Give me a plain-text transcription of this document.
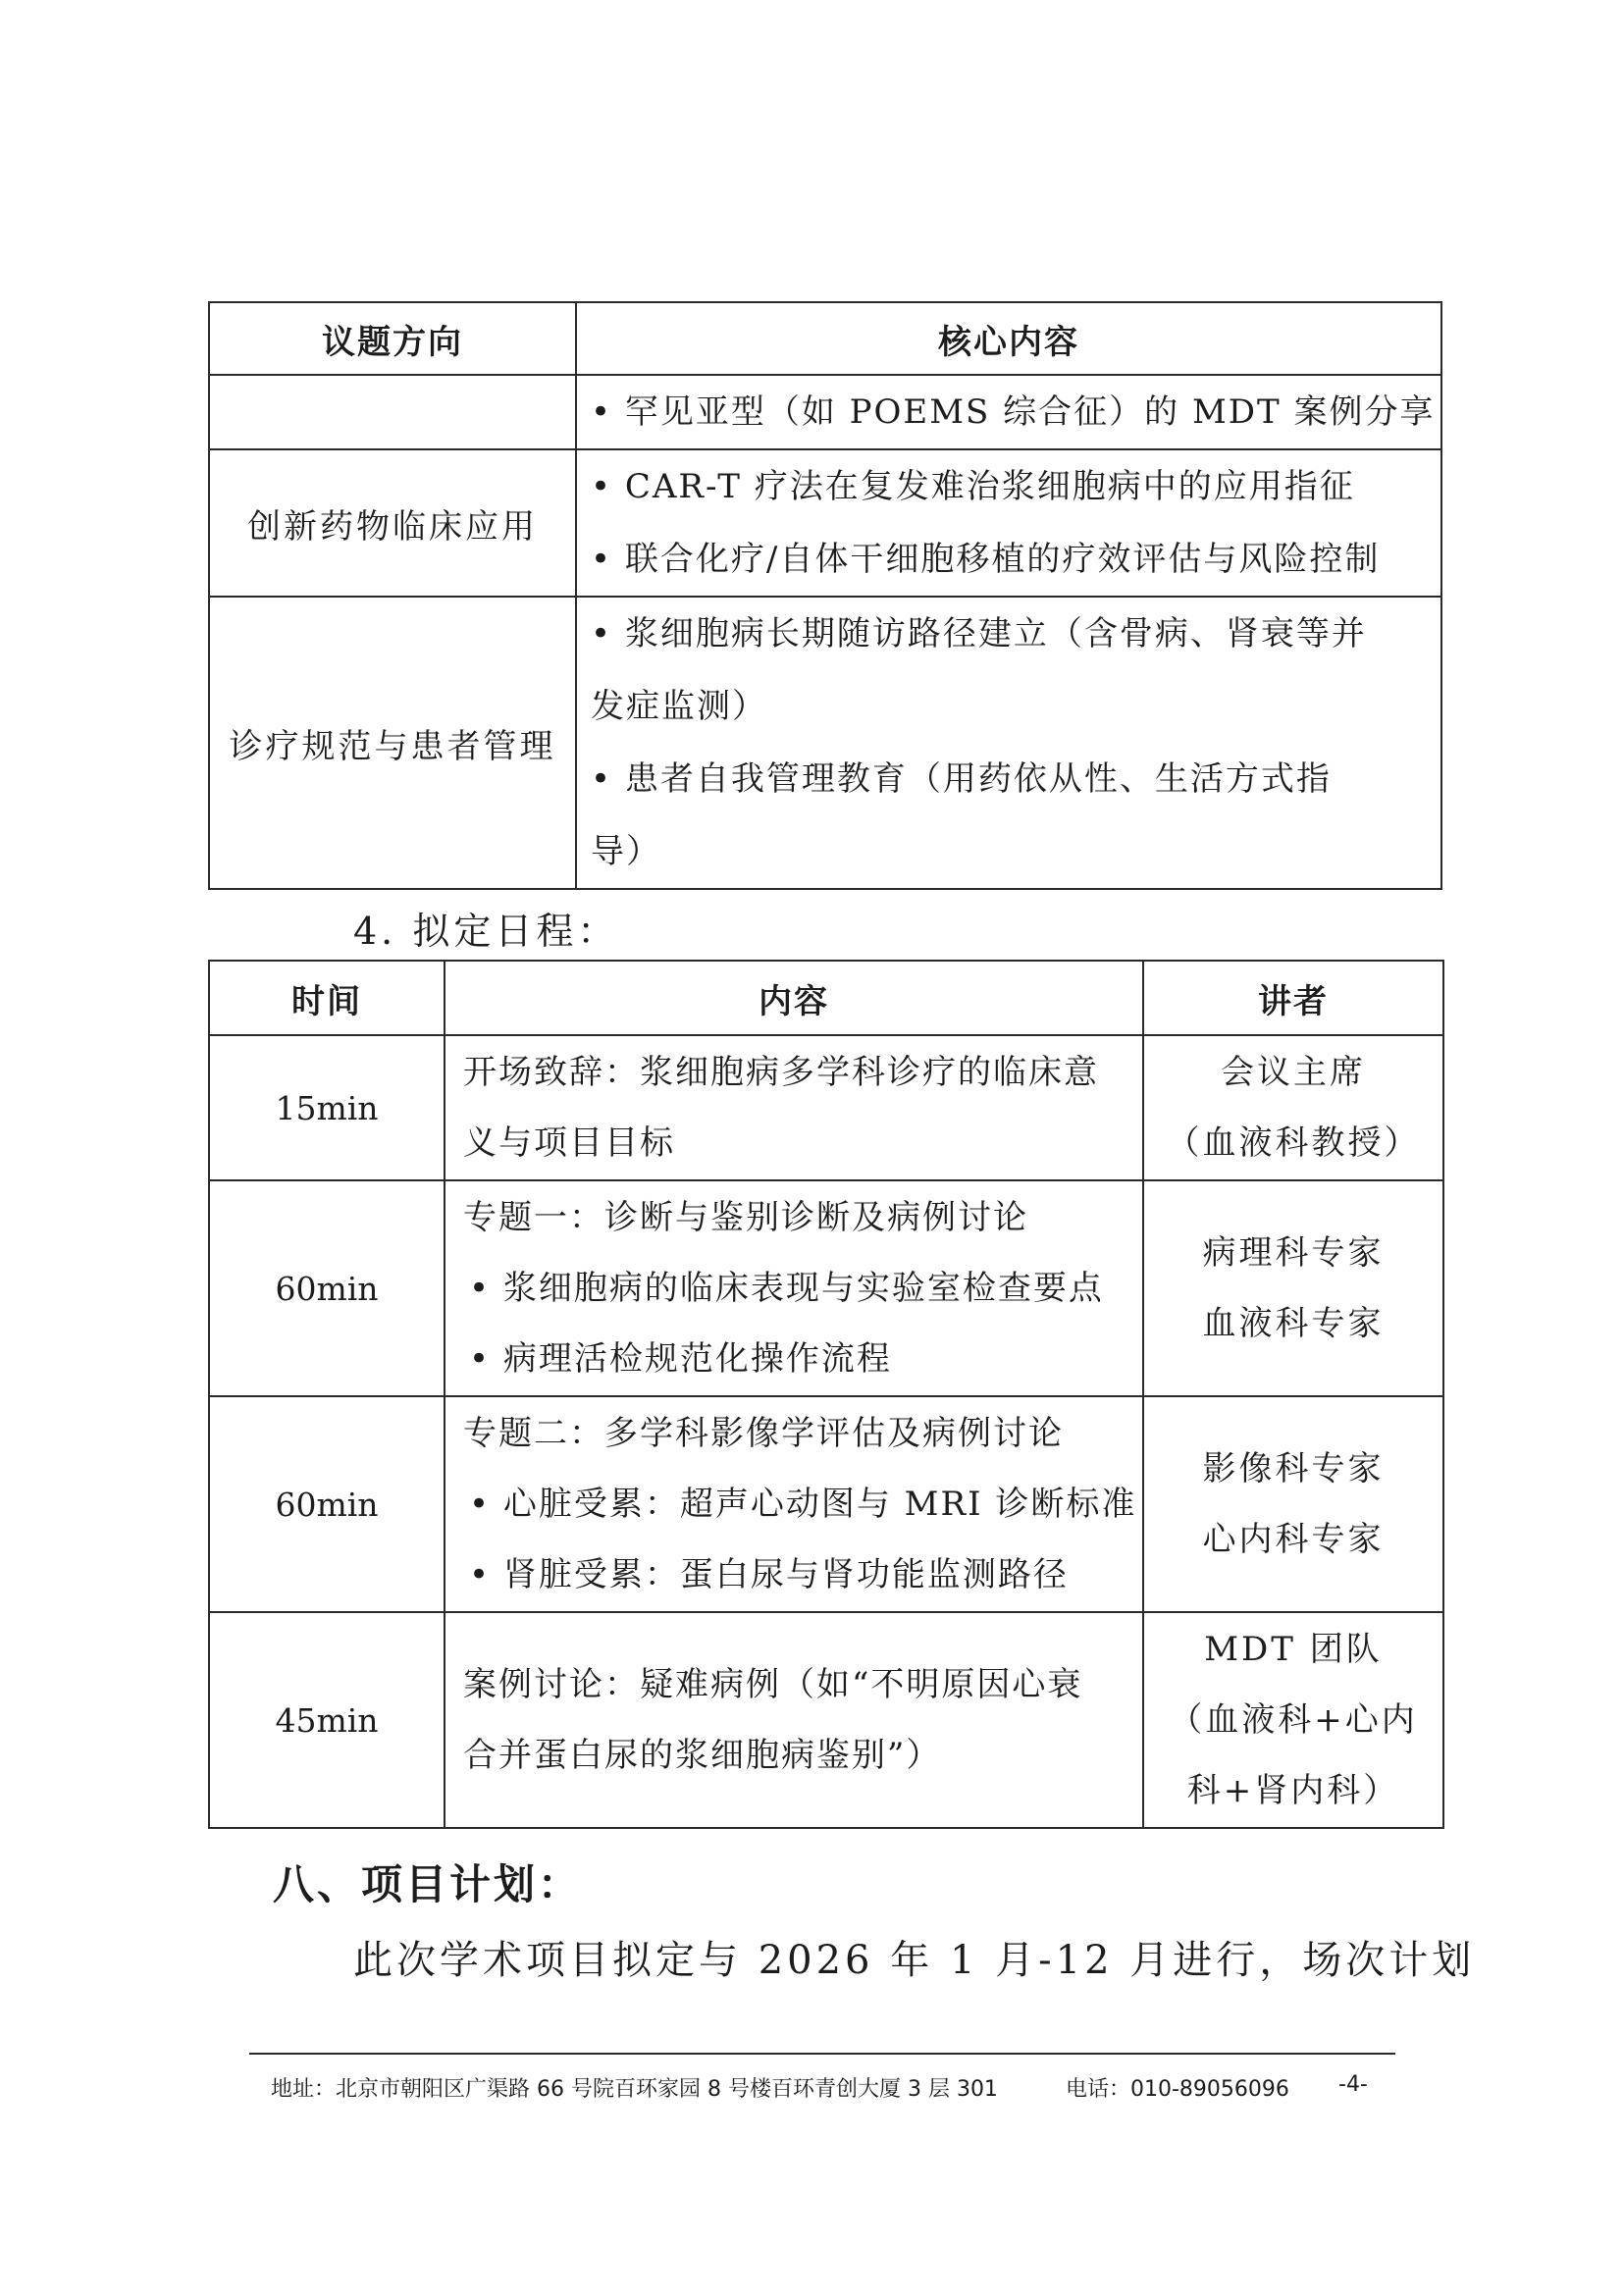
议题方向	核心内容

	• 罕见亚型（如 POEMS 综合征）的 MDT 案例分享

创新药物临床应用	• CAR-T 疗法在复发难治浆细胞病中的应用指征
• 联合化疗/自体干细胞移植的疗效评估与风险控制

诊疗规范与患者管理	• 浆细胞病长期随访路径建立（含骨病、肾衰等并
发症监测）
• 患者自我管理教育（用药依从性、生活方式指
导）
4. 拟定日程：
时间	内容	讲者
15min	开场致辞：浆细胞病多学科诊疗的临床意
义与项目目标	会议主席
（血液科教授）

60min	专题一：诊断与鉴别诊断及病例讨论
• 浆细胞病的临床表现与实验室检查要点
• 病理活检规范化操作流程	病理科专家
血液科专家

60min	专题二：多学科影像学评估及病例讨论
• 心脏受累：超声心动图与 MRI 诊断标准
• 肾脏受累：蛋白尿与肾功能监测路径	影像科专家
心内科专家

45min	案例讨论：疑难病例（如“不明原因心衰
合并蛋白尿的浆细胞病鉴别”）	MDT 团队
（血液科+心内
科+肾内科）
八、项目计划：
此次学术项目拟定与 2026 年 1 月-12 月进行，场次计划
地址：北京市朝阳区广渠路 66 号院百环家园 8 号楼百环青创大厦 3 层 301	电话：010-89056096 -4-
